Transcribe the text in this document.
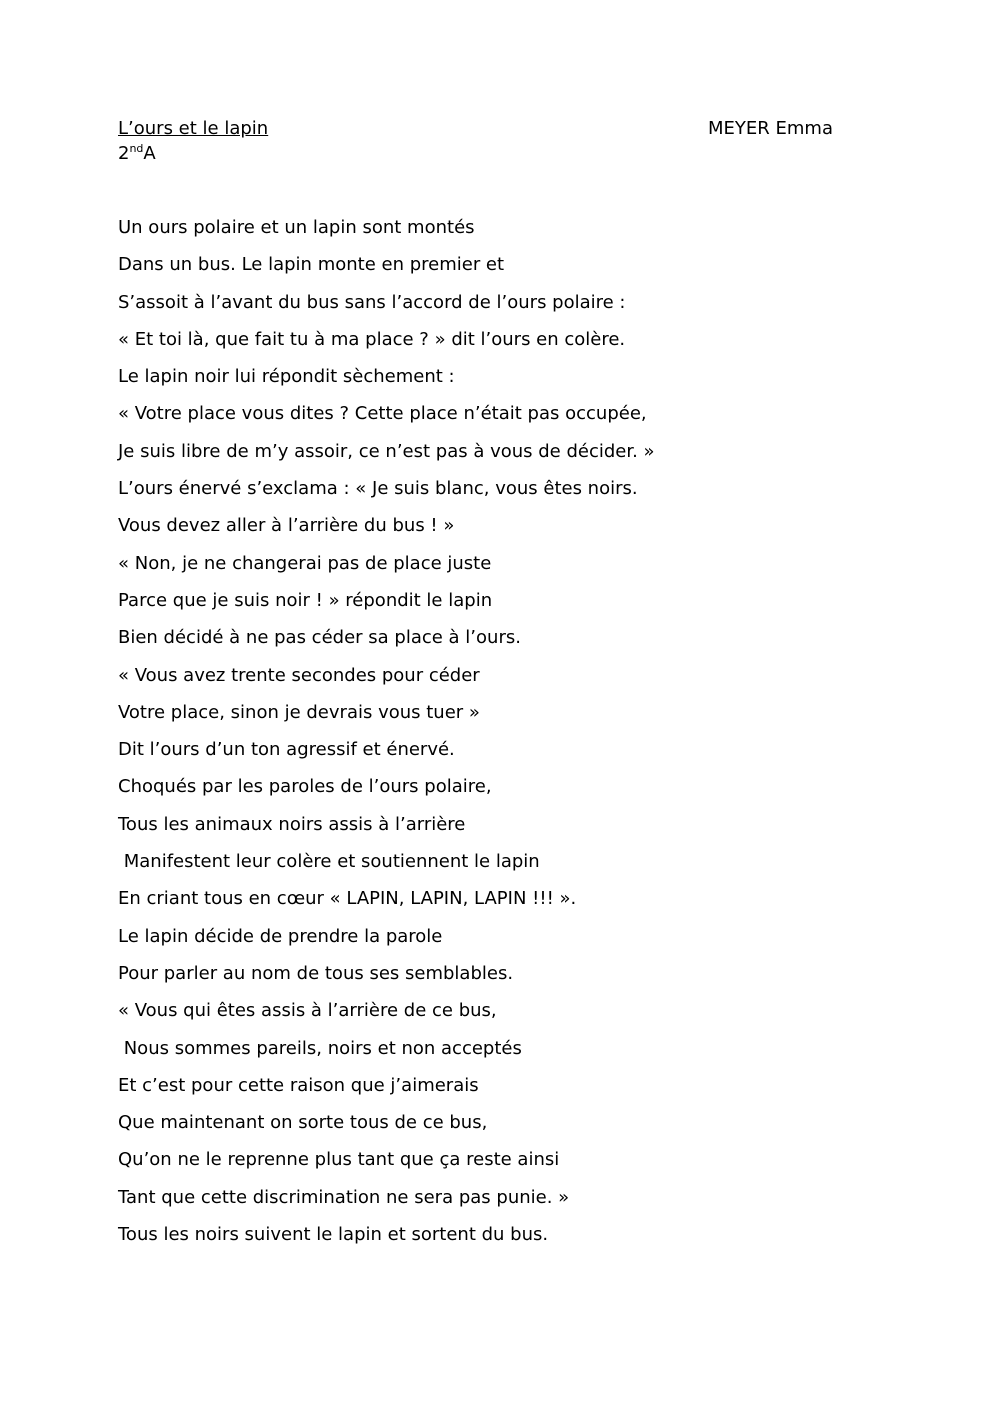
L’ours et le lapin	MEYER Emma
2ndA
Un ours polaire et un lapin sont montés
Dans un bus. Le lapin monte en premier et
S’assoit à l’avant du bus sans l’accord de l’ours polaire :
« Et toi là, que fait tu à ma place ? » dit l’ours en colère.
Le lapin noir lui répondit sèchement :
« Votre place vous dites ? Cette place n’était pas occupée,
Je suis libre de m’y assoir, ce n’est pas à vous de décider. »
L’ours énervé s’exclama : « Je suis blanc, vous êtes noirs.
Vous devez aller à l’arrière du bus ! »
« Non, je ne changerai pas de place juste
Parce que je suis noir ! » répondit le lapin
Bien décidé à ne pas céder sa place à l’ours.
« Vous avez trente secondes pour céder
Votre place, sinon je devrais vous tuer »
Dit l’ours d’un ton agressif et énervé.
Choqués par les paroles de l’ours polaire,
Tous les animaux noirs assis à l’arrière
Manifestent leur colère et soutiennent le lapin
En criant tous en cœur « LAPIN, LAPIN, LAPIN !!! ».
Le lapin décide de prendre la parole
Pour parler au nom de tous ses semblables.
« Vous qui êtes assis à l’arrière de ce bus,
Nous sommes pareils, noirs et non acceptés
Et c’est pour cette raison que j’aimerais
Que maintenant on sorte tous de ce bus,
Qu’on ne le reprenne plus tant que ça reste ainsi
Tant que cette discrimination ne sera pas punie. »
Tous les noirs suivent le lapin et sortent du bus.
